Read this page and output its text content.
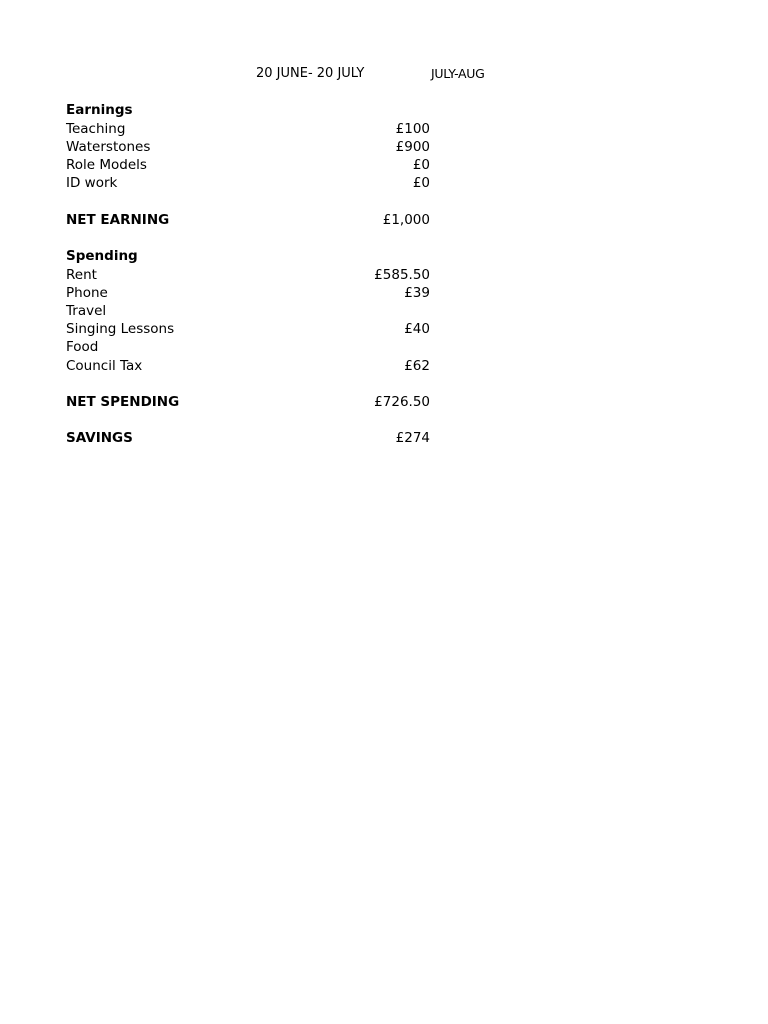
20 JUNE- 20 JULY	JULY-AUG
Earnings
Teaching	£100
Waterstones	£900
Role Models	£0
ID work	£0
NET EARNING	£1,000
Spending
Rent	£585.50
Phone	£39
Travel
Singing Lessons	£40
Food
Council Tax	£62
NET SPENDING	£726.50
SAVINGS	£274
